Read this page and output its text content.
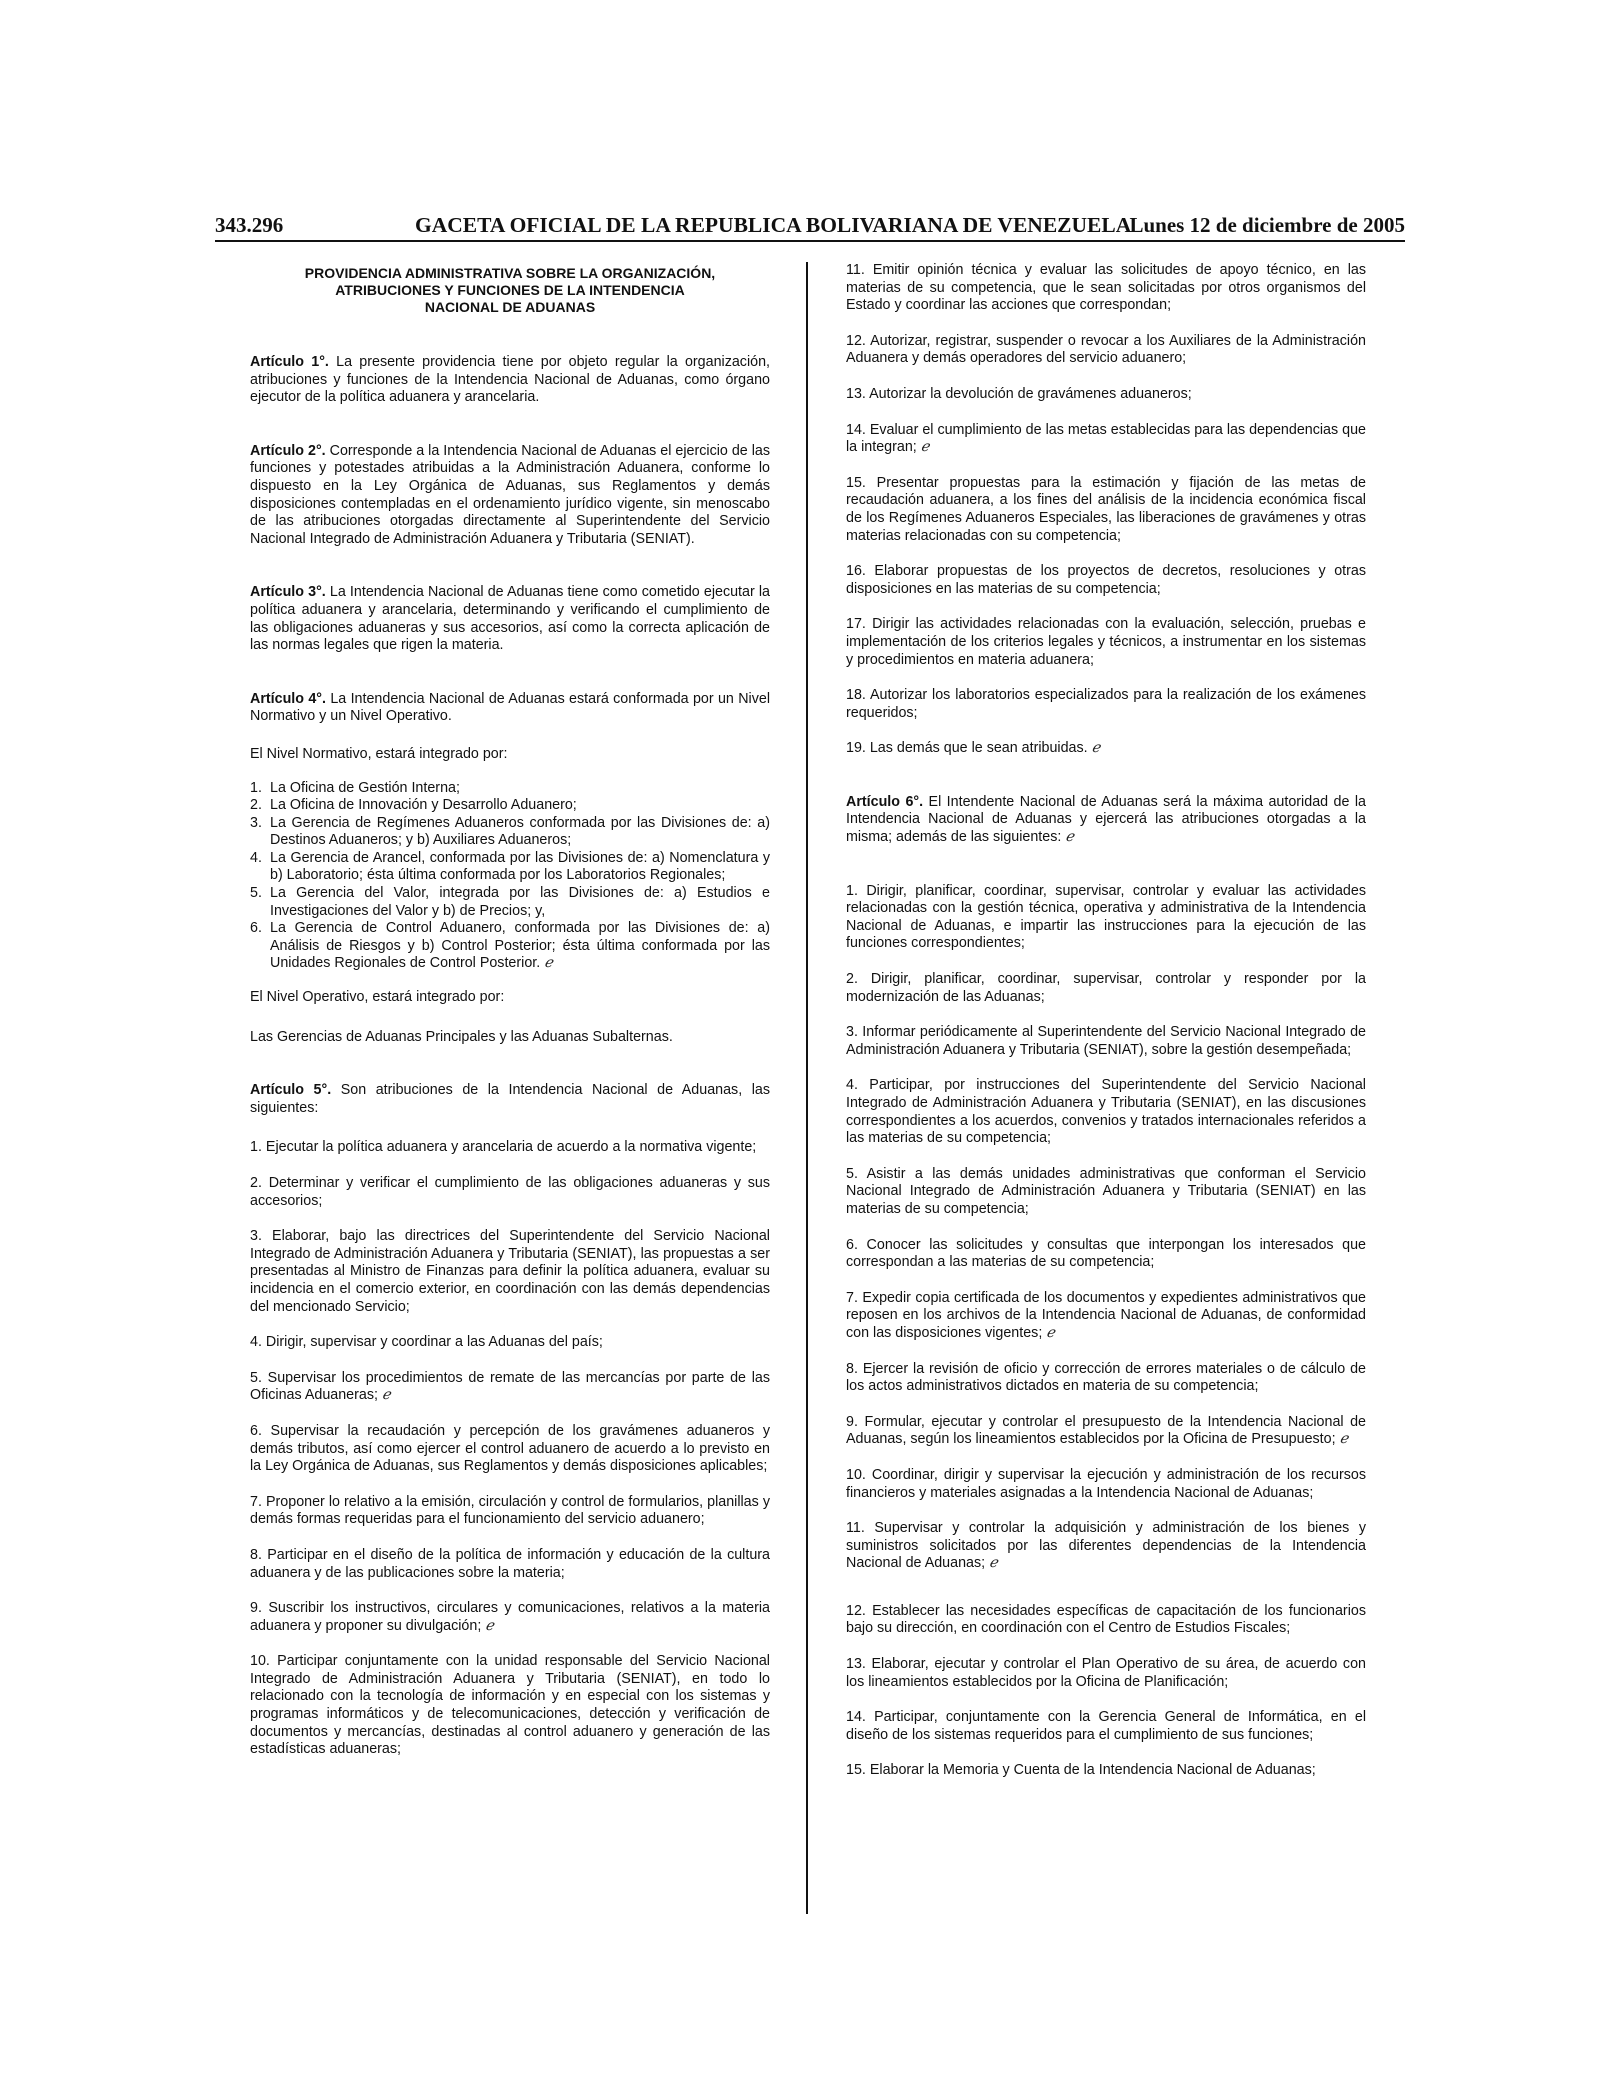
343.296	GACETA OFICIAL DE LA REPUBLICA BOLIVARIANA DE VENEZUELA
Lunes 12 de diciembre de 2005
PROVIDENCIA ADMINISTRATIVA SOBRE LA ORGANIZACIÓN,
ATRIBUCIONES Y FUNCIONES DE LA INTENDENCIA
NACIONAL DE ADUANAS

Artículo 1°. La presente providencia tiene por objeto regular la organización, atribuciones y funciones de la Intendencia Nacional de Aduanas, como órgano ejecutor de la política aduanera y arancelaria.

Artículo 2°. Corresponde a la Intendencia Nacional de Aduanas el ejercicio de las funciones y potestades atribuidas a la Administración Aduanera, conforme lo dispuesto en la Ley Orgánica de Aduanas, sus Reglamentos y demás disposiciones contempladas en el ordenamiento jurídico vigente, sin menoscabo de las atribuciones otorgadas directamente al Superintendente del Servicio Nacional Integrado de Administración Aduanera y Tributaria (SENIAT).

Artículo 3°. La Intendencia Nacional de Aduanas tiene como cometido ejecutar la política aduanera y arancelaria, determinando y verificando el cumplimiento de las obligaciones aduaneras y sus accesorios, así como la correcta aplicación de las normas legales que rigen la materia.

Artículo 4°. La Intendencia Nacional de Aduanas estará conformada por un Nivel Normativo y un Nivel Operativo.

El Nivel Normativo, estará integrado por:

1. La Oficina de Gestión Interna;
2. La Oficina de Innovación y Desarrollo Aduanero;
3. La Gerencia de Regímenes Aduaneros conformada por las Divisiones de: a) Destinos Aduaneros; y b) Auxiliares Aduaneros;
4. La Gerencia de Arancel, conformada por las Divisiones de: a) Nomenclatura y b) Laboratorio; ésta última conformada por los Laboratorios Regionales;
5. La Gerencia del Valor, integrada por las Divisiones de: a) Estudios e Investigaciones del Valor y b) de Precios; y,
6. La Gerencia de Control Aduanero, conformada por las Divisiones de: a) Análisis de Riesgos y b) Control Posterior; ésta última conformada por las Unidades Regionales de Control Posterior. ℯ

El Nivel Operativo, estará integrado por:

Las Gerencias de Aduanas Principales y las Aduanas Subalternas.

Artículo 5°. Son atribuciones de la Intendencia Nacional de Aduanas, las siguientes:

1. Ejecutar la política aduanera y arancelaria de acuerdo a la normativa vigente;
2. Determinar y verificar el cumplimiento de las obligaciones aduaneras y sus accesorios;
3. Elaborar, bajo las directrices del Superintendente del Servicio Nacional Integrado de Administración Aduanera y Tributaria (SENIAT), las propuestas a ser presentadas al Ministro de Finanzas para definir la política aduanera, evaluar su incidencia en el comercio exterior, en coordinación con las demás dependencias del mencionado Servicio;
4. Dirigir, supervisar y coordinar a las Aduanas del país;
5. Supervisar los procedimientos de remate de las mercancías por parte de las Oficinas Aduaneras; ℯ
6. Supervisar la recaudación y percepción de los gravámenes aduaneros y demás tributos, así como ejercer el control aduanero de acuerdo a lo previsto en la Ley Orgánica de Aduanas, sus Reglamentos y demás disposiciones aplicables;
7. Proponer lo relativo a la emisión, circulación y control de formularios, planillas y demás formas requeridas para el funcionamiento del servicio aduanero;
8. Participar en el diseño de la política de información y educación de la cultura aduanera y de las publicaciones sobre la materia;
9. Suscribir los instructivos, circulares y comunicaciones, relativos a la materia aduanera y proponer su divulgación; ℯ
10. Participar conjuntamente con la unidad responsable del Servicio Nacional Integrado de Administración Aduanera y Tributaria (SENIAT), en todo lo relacionado con la tecnología de información y en especial con los sistemas y programas informáticos y de telecomunicaciones, detección y verificación de documentos y mercancías, destinadas al control aduanero y generación de las estadísticas aduaneras;
11. Emitir opinión técnica y evaluar las solicitudes de apoyo técnico, en las materias de su competencia, que le sean solicitadas por otros organismos del Estado y coordinar las acciones que correspondan;
12. Autorizar, registrar, suspender o revocar a los Auxiliares de la Administración Aduanera y demás operadores del servicio aduanero;
13. Autorizar la devolución de gravámenes aduaneros;
14. Evaluar el cumplimiento de las metas establecidas para las dependencias que la integran; ℯ
15. Presentar propuestas para la estimación y fijación de las metas de recaudación aduanera, a los fines del análisis de la incidencia económica fiscal de los Regímenes Aduaneros Especiales, las liberaciones de gravámenes y otras materias relacionadas con su competencia;
16. Elaborar propuestas de los proyectos de decretos, resoluciones y otras disposiciones en las materias de su competencia;
17. Dirigir las actividades relacionadas con la evaluación, selección, pruebas e implementación de los criterios legales y técnicos, a instrumentar en los sistemas y procedimientos en materia aduanera;
18. Autorizar los laboratorios especializados para la realización de los exámenes requeridos;
19. Las demás que le sean atribuidas. ℯ

Artículo 6°. El Intendente Nacional de Aduanas será la máxima autoridad de la Intendencia Nacional de Aduanas y ejercerá las atribuciones otorgadas a la misma; además de las siguientes: ℯ

1. Dirigir, planificar, coordinar, supervisar, controlar y evaluar las actividades relacionadas con la gestión técnica, operativa y administrativa de la Intendencia Nacional de Aduanas, e impartir las instrucciones para la ejecución de las funciones correspondientes;
2. Dirigir, planificar, coordinar, supervisar, controlar y responder por la modernización de las Aduanas;
3. Informar periódicamente al Superintendente del Servicio Nacional Integrado de Administración Aduanera y Tributaria (SENIAT), sobre la gestión desempeñada;
4. Participar, por instrucciones del Superintendente del Servicio Nacional Integrado de Administración Aduanera y Tributaria (SENIAT), en las discusiones correspondientes a los acuerdos, convenios y tratados internacionales referidos a las materias de su competencia;
5. Asistir a las demás unidades administrativas que conforman el Servicio Nacional Integrado de Administración Aduanera y Tributaria (SENIAT) en las materias de su competencia;
6. Conocer las solicitudes y consultas que interpongan los interesados que correspondan a las materias de su competencia;
7. Expedir copia certificada de los documentos y expedientes administrativos que reposen en los archivos de la Intendencia Nacional de Aduanas, de conformidad con las disposiciones vigentes; ℯ
8. Ejercer la revisión de oficio y corrección de errores materiales o de cálculo de los actos administrativos dictados en materia de su competencia;
9. Formular, ejecutar y controlar el presupuesto de la Intendencia Nacional de Aduanas, según los lineamientos establecidos por la Oficina de Presupuesto; ℯ
10. Coordinar, dirigir y supervisar la ejecución y administración de los recursos financieros y materiales asignadas a la Intendencia Nacional de Aduanas;
11. Supervisar y controlar la adquisición y administración de los bienes y suministros solicitados por las diferentes dependencias de la Intendencia Nacional de Aduanas; ℯ
12. Establecer las necesidades específicas de capacitación de los funcionarios bajo su dirección, en coordinación con el Centro de Estudios Fiscales;
13. Elaborar, ejecutar y controlar el Plan Operativo de su área, de acuerdo con los lineamientos establecidos por la Oficina de Planificación;
14. Participar, conjuntamente con la Gerencia General de Informática, en el diseño de los sistemas requeridos para el cumplimiento de sus funciones;
15. Elaborar la Memoria y Cuenta de la Intendencia Nacional de Aduanas;
